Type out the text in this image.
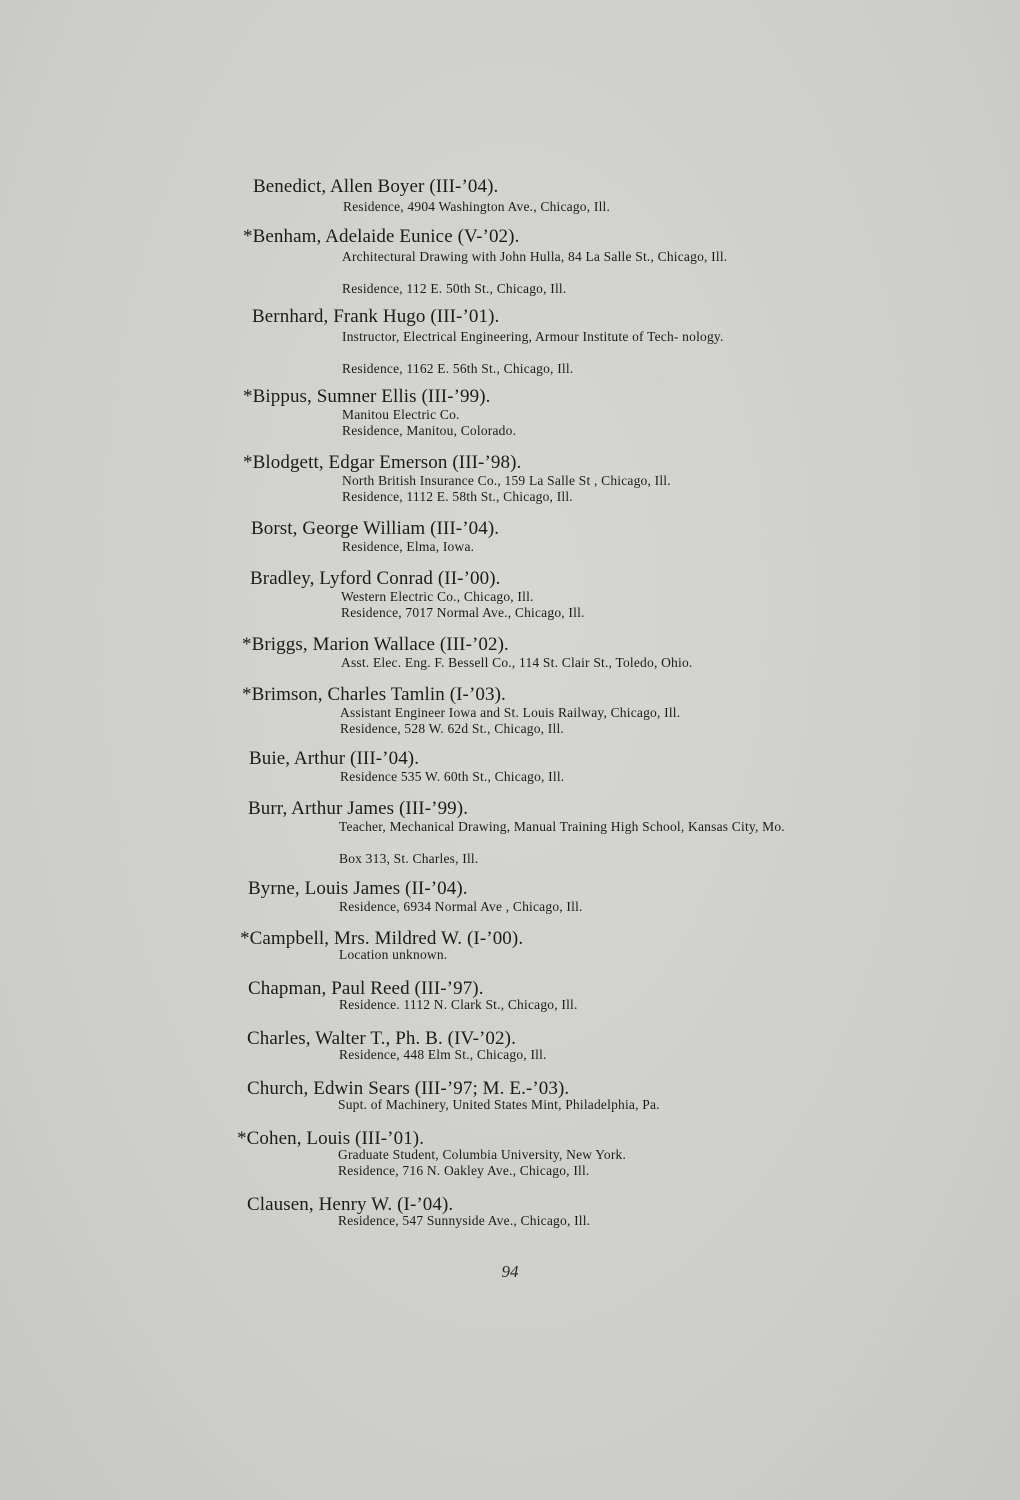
Benedict, Allen Boyer (III-’04).
Residence, 4904 Washington Ave., Chicago, Ill.
*Benham, Adelaide Eunice (V-’02).
Architectural Drawing with John Hulla, 84 La Salle St., Chicago, Ill.
Residence, 112 E. 50th St., Chicago, Ill.
Bernhard, Frank Hugo (III-’01).
Instructor, Electrical Engineering, Armour Institute of Tech- nology.
Residence, 1162 E. 56th St., Chicago, Ill.
*Bippus, Sumner Ellis (III-’99).
Manitou Electric Co.
Residence, Manitou, Colorado.
*Blodgett, Edgar Emerson (III-’98).
North British Insurance Co., 159 La Salle St , Chicago, Ill.
Residence, 1112 E. 58th St., Chicago, Ill.
Borst, George William (III-’04).
Residence, Elma, Iowa.
Bradley, Lyford Conrad (II-’00).
Western Electric Co., Chicago, Ill.
Residence, 7017 Normal Ave., Chicago, Ill.
*Briggs, Marion Wallace (III-’02).
Asst. Elec. Eng. F. Bessell Co., 114 St. Clair St., Toledo, Ohio.
*Brimson, Charles Tamlin (I-’03).
Assistant Engineer Iowa and St. Louis Railway, Chicago, Ill.
Residence, 528 W. 62d St., Chicago, Ill.
Buie, Arthur (III-’04).
Residence 535 W. 60th St., Chicago, Ill.
Burr, Arthur James (III-’99).
Teacher, Mechanical Drawing, Manual Training High School, Kansas City, Mo.
Box 313, St. Charles, Ill.
Byrne, Louis James (II-’04).
Residence, 6934 Normal Ave , Chicago, Ill.
*Campbell, Mrs. Mildred W. (I-’00).
Location unknown.
Chapman, Paul Reed (III-’97).
Residence. 1112 N. Clark St., Chicago, Ill.
Charles, Walter T., Ph. B. (IV-’02).
Residence, 448 Elm St., Chicago, Ill.
Church, Edwin Sears (III-’97; M. E.-’03).
Supt. of Machinery, United States Mint, Philadelphia, Pa.
*Cohen, Louis (III-’01).
Graduate Student, Columbia University, New York.
Residence, 716 N. Oakley Ave., Chicago, Ill.
Clausen, Henry W. (I-’04).
Residence, 547 Sunnyside Ave., Chicago, Ill.
94
